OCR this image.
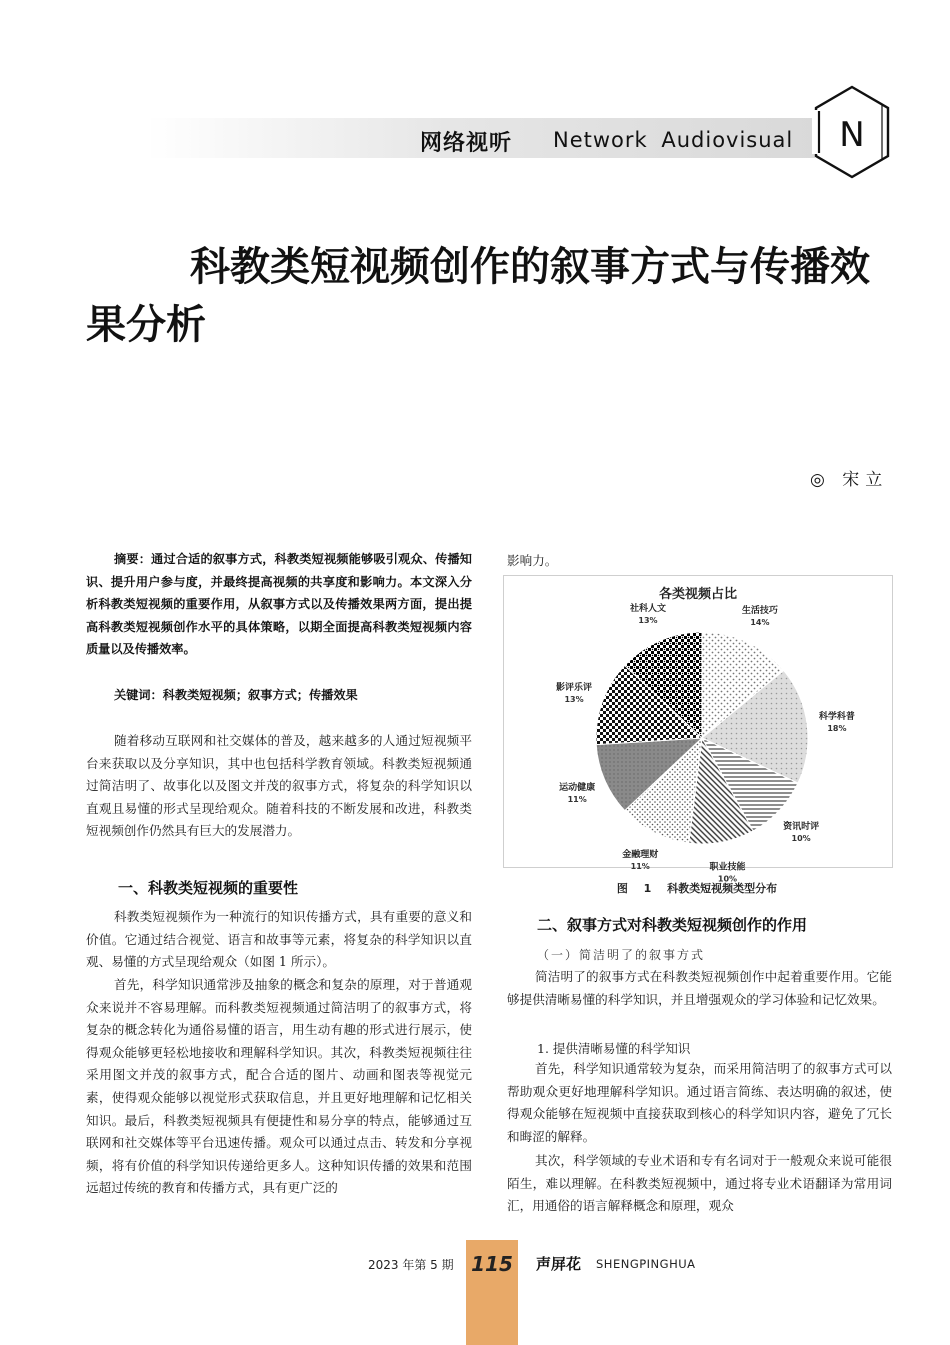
网络视听 Network Audiovisual N
科教类短视频创作的叙事方式与传播效果分析
◎ 宋立
摘要：通过合适的叙事方式，科教类短视频能够吸引观众、传播知识、提升用户参与度，并最终提高视频的共享度和影响力。本文深入分析科教类短视频的重要作用，从叙事方式以及传播效果两方面，提出提高科教类短视频创作水平的具体策略，以期全面提高科教类短视频内容质量以及传播效率。
关键词：科教类短视频；叙事方式；传播效果

随着移动互联网和社交媒体的普及，越来越多的人通过短视频平台来获取以及分享知识，其中也包括科学教育领域。科教类短视频通过简洁明了、故事化以及图文并茂的叙事方式，将复杂的科学知识以直观且易懂的形式呈现给观众。随着科技的不断发展和改进，科教类短视频创作仍然具有巨大的发展潜力。

一、科教类短视频的重要性

科教类短视频作为一种流行的知识传播方式，具有重要的意义和价值。它通过结合视觉、语言和故事等元素，将复杂的科学知识以直观、易懂的方式呈现给观众（如图 1 所示）。

首先，科学知识通常涉及抽象的概念和复杂的原理，对于普通观众来说并不容易理解。而科教类短视频通过简洁明了的叙事方式，将复杂的概念转化为通俗易懂的语言，用生动有趣的形式进行展示，使得观众能够更轻松地接收和理解科学知识。其次，科教类短视频往往采用图文并茂的叙事方式，配合合适的图片、动画和图表等视觉元素，使得观众能够以视觉形式获取信息，并且更好地理解和记忆相关知识。最后，科教类短视频具有便捷性和易分享的特点，能够通过互联网和社交媒体等平台迅速传播。观众可以通过点击、转发和分享视频，将有价值的科学知识传递给更多人。这种知识传播的效果和范围远超过传统的教育和传播方式，具有更广泛的

影响力。

各类视频占比
生活技巧
14%
科学科普
18%
资讯时评
10%
职业技能
10%
金融理财
11%
运动健康
11%
影评乐评
13%
社科人文
13%
图 1 科教类短视频类型分布
二、叙事方式对科教类短视频创作的作用
（一）简洁明了的叙事方式

简洁明了的叙事方式在科教类短视频创作中起着重要作用。它能够提供清晰易懂的科学知识，并且增强观众的学习体验和记忆效果。

1. 提供清晰易懂的科学知识

首先，科学知识通常较为复杂，而采用简洁明了的叙事方式可以帮助观众更好地理解科学知识。通过语言简练、表达明确的叙述，使得观众能够在短视频中直接获取到核心的科学知识内容，避免了冗长和晦涩的解释。

其次，科学领域的专业术语和专有名词对于一般观众来说可能很陌生，难以理解。在科教类短视频中，通过将专业术语翻译为常用词汇，用通俗的语言解释概念和原理，观众

2023 年第 5 期 115	声屏花 SHENGPINGHUA
